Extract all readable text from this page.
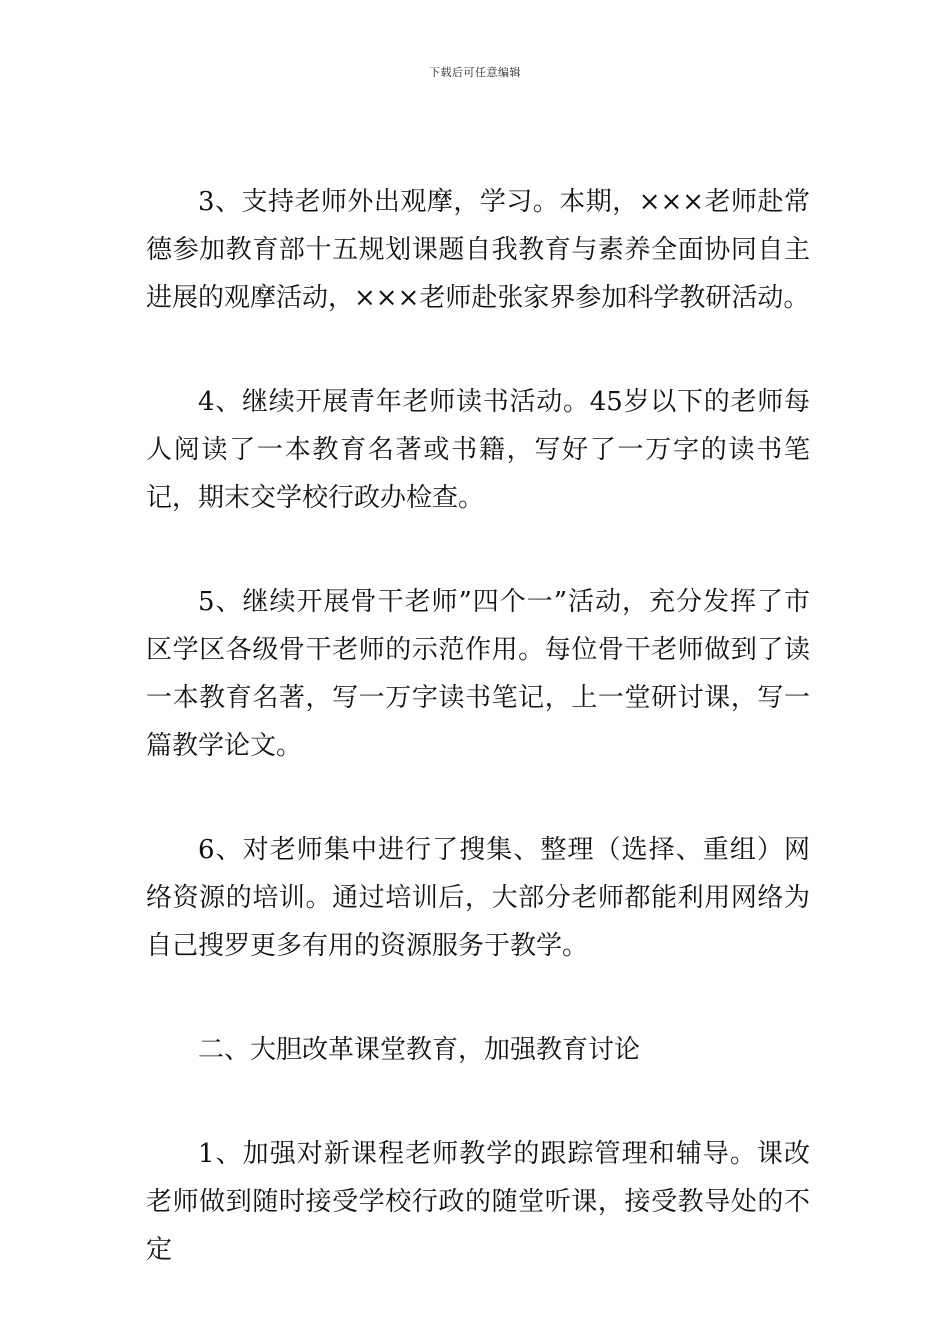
下载后可任意编辑

3、支持老师外出观摩，学习。本期，×××老师赴常德参加教育部十五规划课题自我教育与素养全面协同自主进展的观摩活动，×××老师赴张家界参加科学教研活动。

4、继续开展青年老师读书活动。45岁以下的老师每人阅读了一本教育名著或书籍，写好了一万字的读书笔记，期末交学校行政办检查。

5、继续开展骨干老师”四个一”活动，充分发挥了市区学区各级骨干老师的示范作用。每位骨干老师做到了读一本教育名著，写一万字读书笔记，上一堂研讨课，写一篇教学论文。

6、对老师集中进行了搜集、整理（选择、重组）网络资源的培训。通过培训后，大部分老师都能利用网络为自己搜罗更多有用的资源服务于教学。

二、大胆改革课堂教育，加强教育讨论

1、加强对新课程老师教学的跟踪管理和辅导。课改老师做到随时接受学校行政的随堂听课，接受教导处的不定
